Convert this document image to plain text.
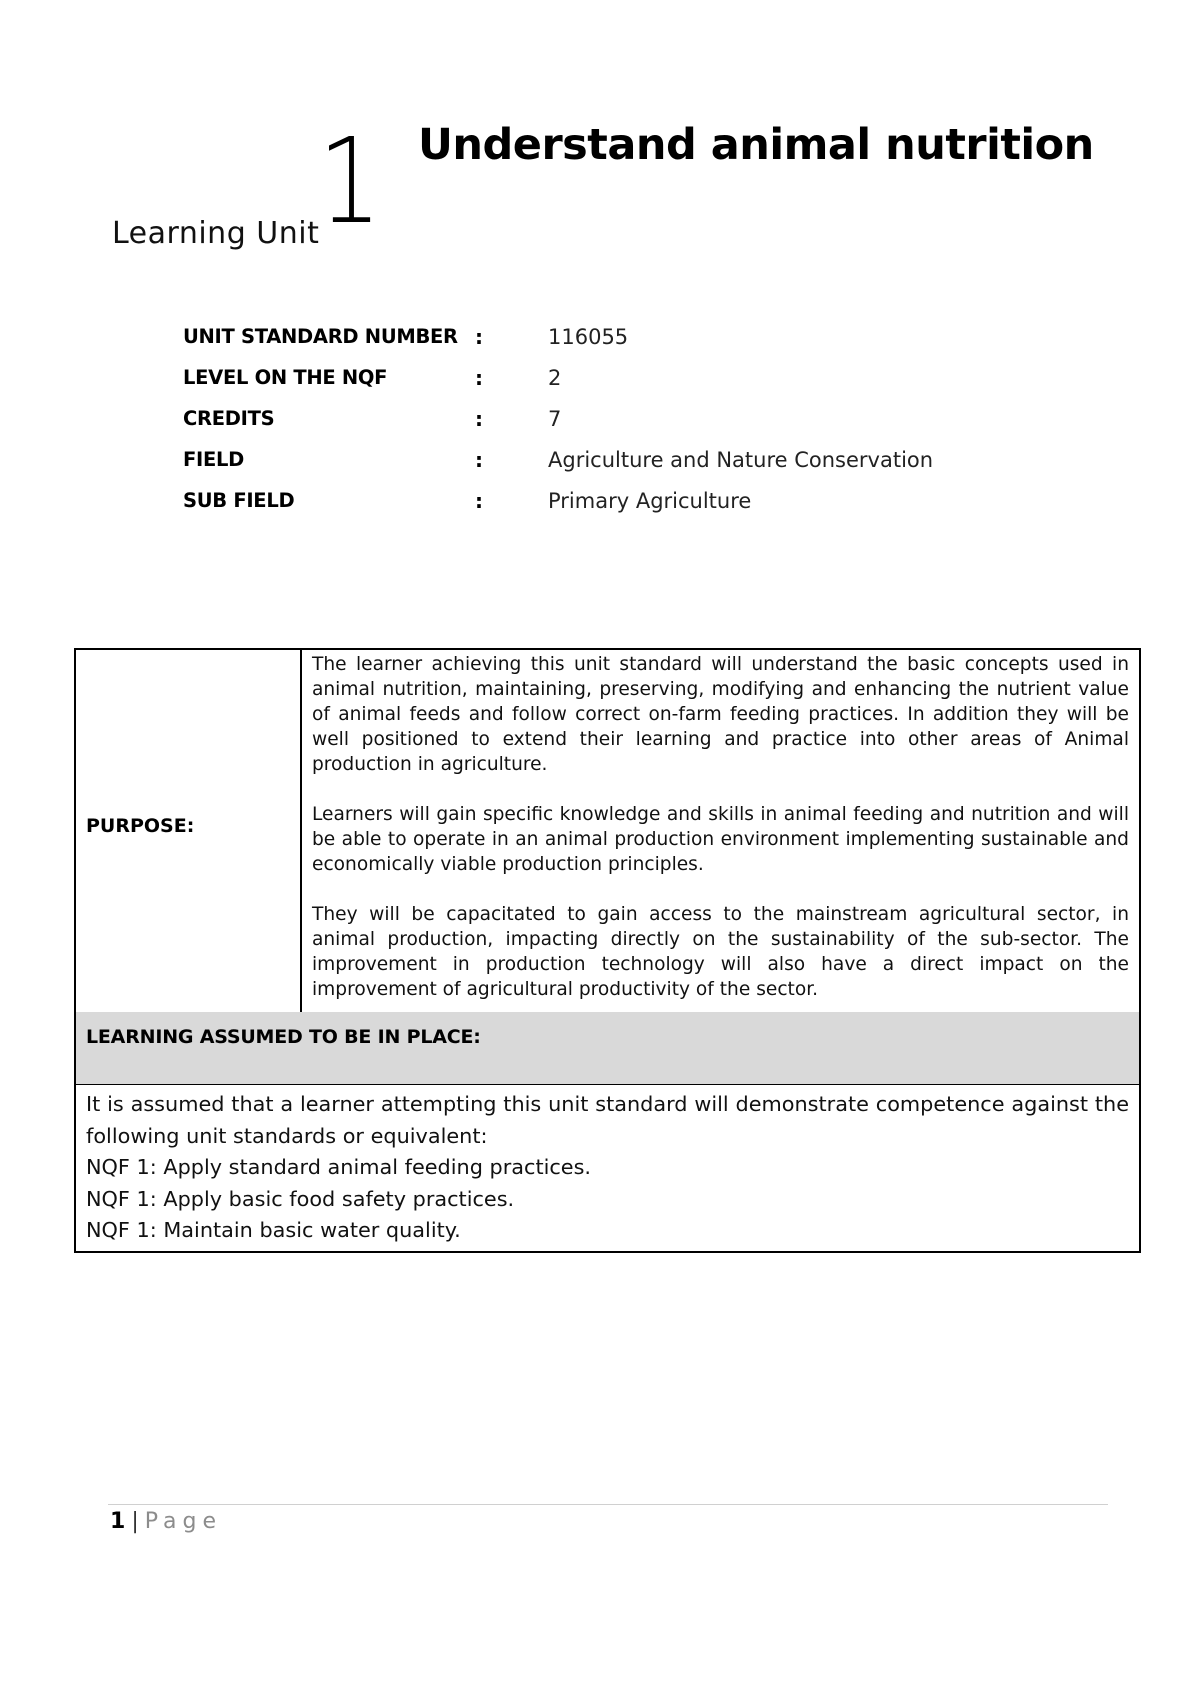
Learning Unit
1 Understand animal nutrition
UNIT STANDARD NUMBER :	116055
LEVEL ON THE NQF	:	2
CREDITS	:	7
FIELD	:	Agriculture and Nature Conservation
SUB FIELD	:	Primary Agriculture
PURPOSE:

The learner achieving this unit standard will understand the basic concepts used in animal nutrition, maintaining, preserving, modifying and enhancing the nutrient value of animal feeds and follow correct on-farm feeding practices. In addition they will be well positioned to extend their learning and practice into other areas of Animal production in agriculture.

Learners will gain specific knowledge and skills in animal feeding and nutrition and will be able to operate in an animal production environment implementing sustainable and economically viable production principles.

They will be capacitated to gain access to the mainstream agricultural sector, in animal production, impacting directly on the sustainability of the sub-sector. The improvement in production technology will also have a direct impact on the improvement of agricultural productivity of the sector.

LEARNING ASSUMED TO BE IN PLACE:
It is assumed that a learner attempting this unit standard will demonstrate competence against the following unit standards or equivalent:
NQF 1: Apply standard animal feeding practices.
NQF 1: Apply basic food safety practices.
NQF 1: Maintain basic water quality.
1 | Page
